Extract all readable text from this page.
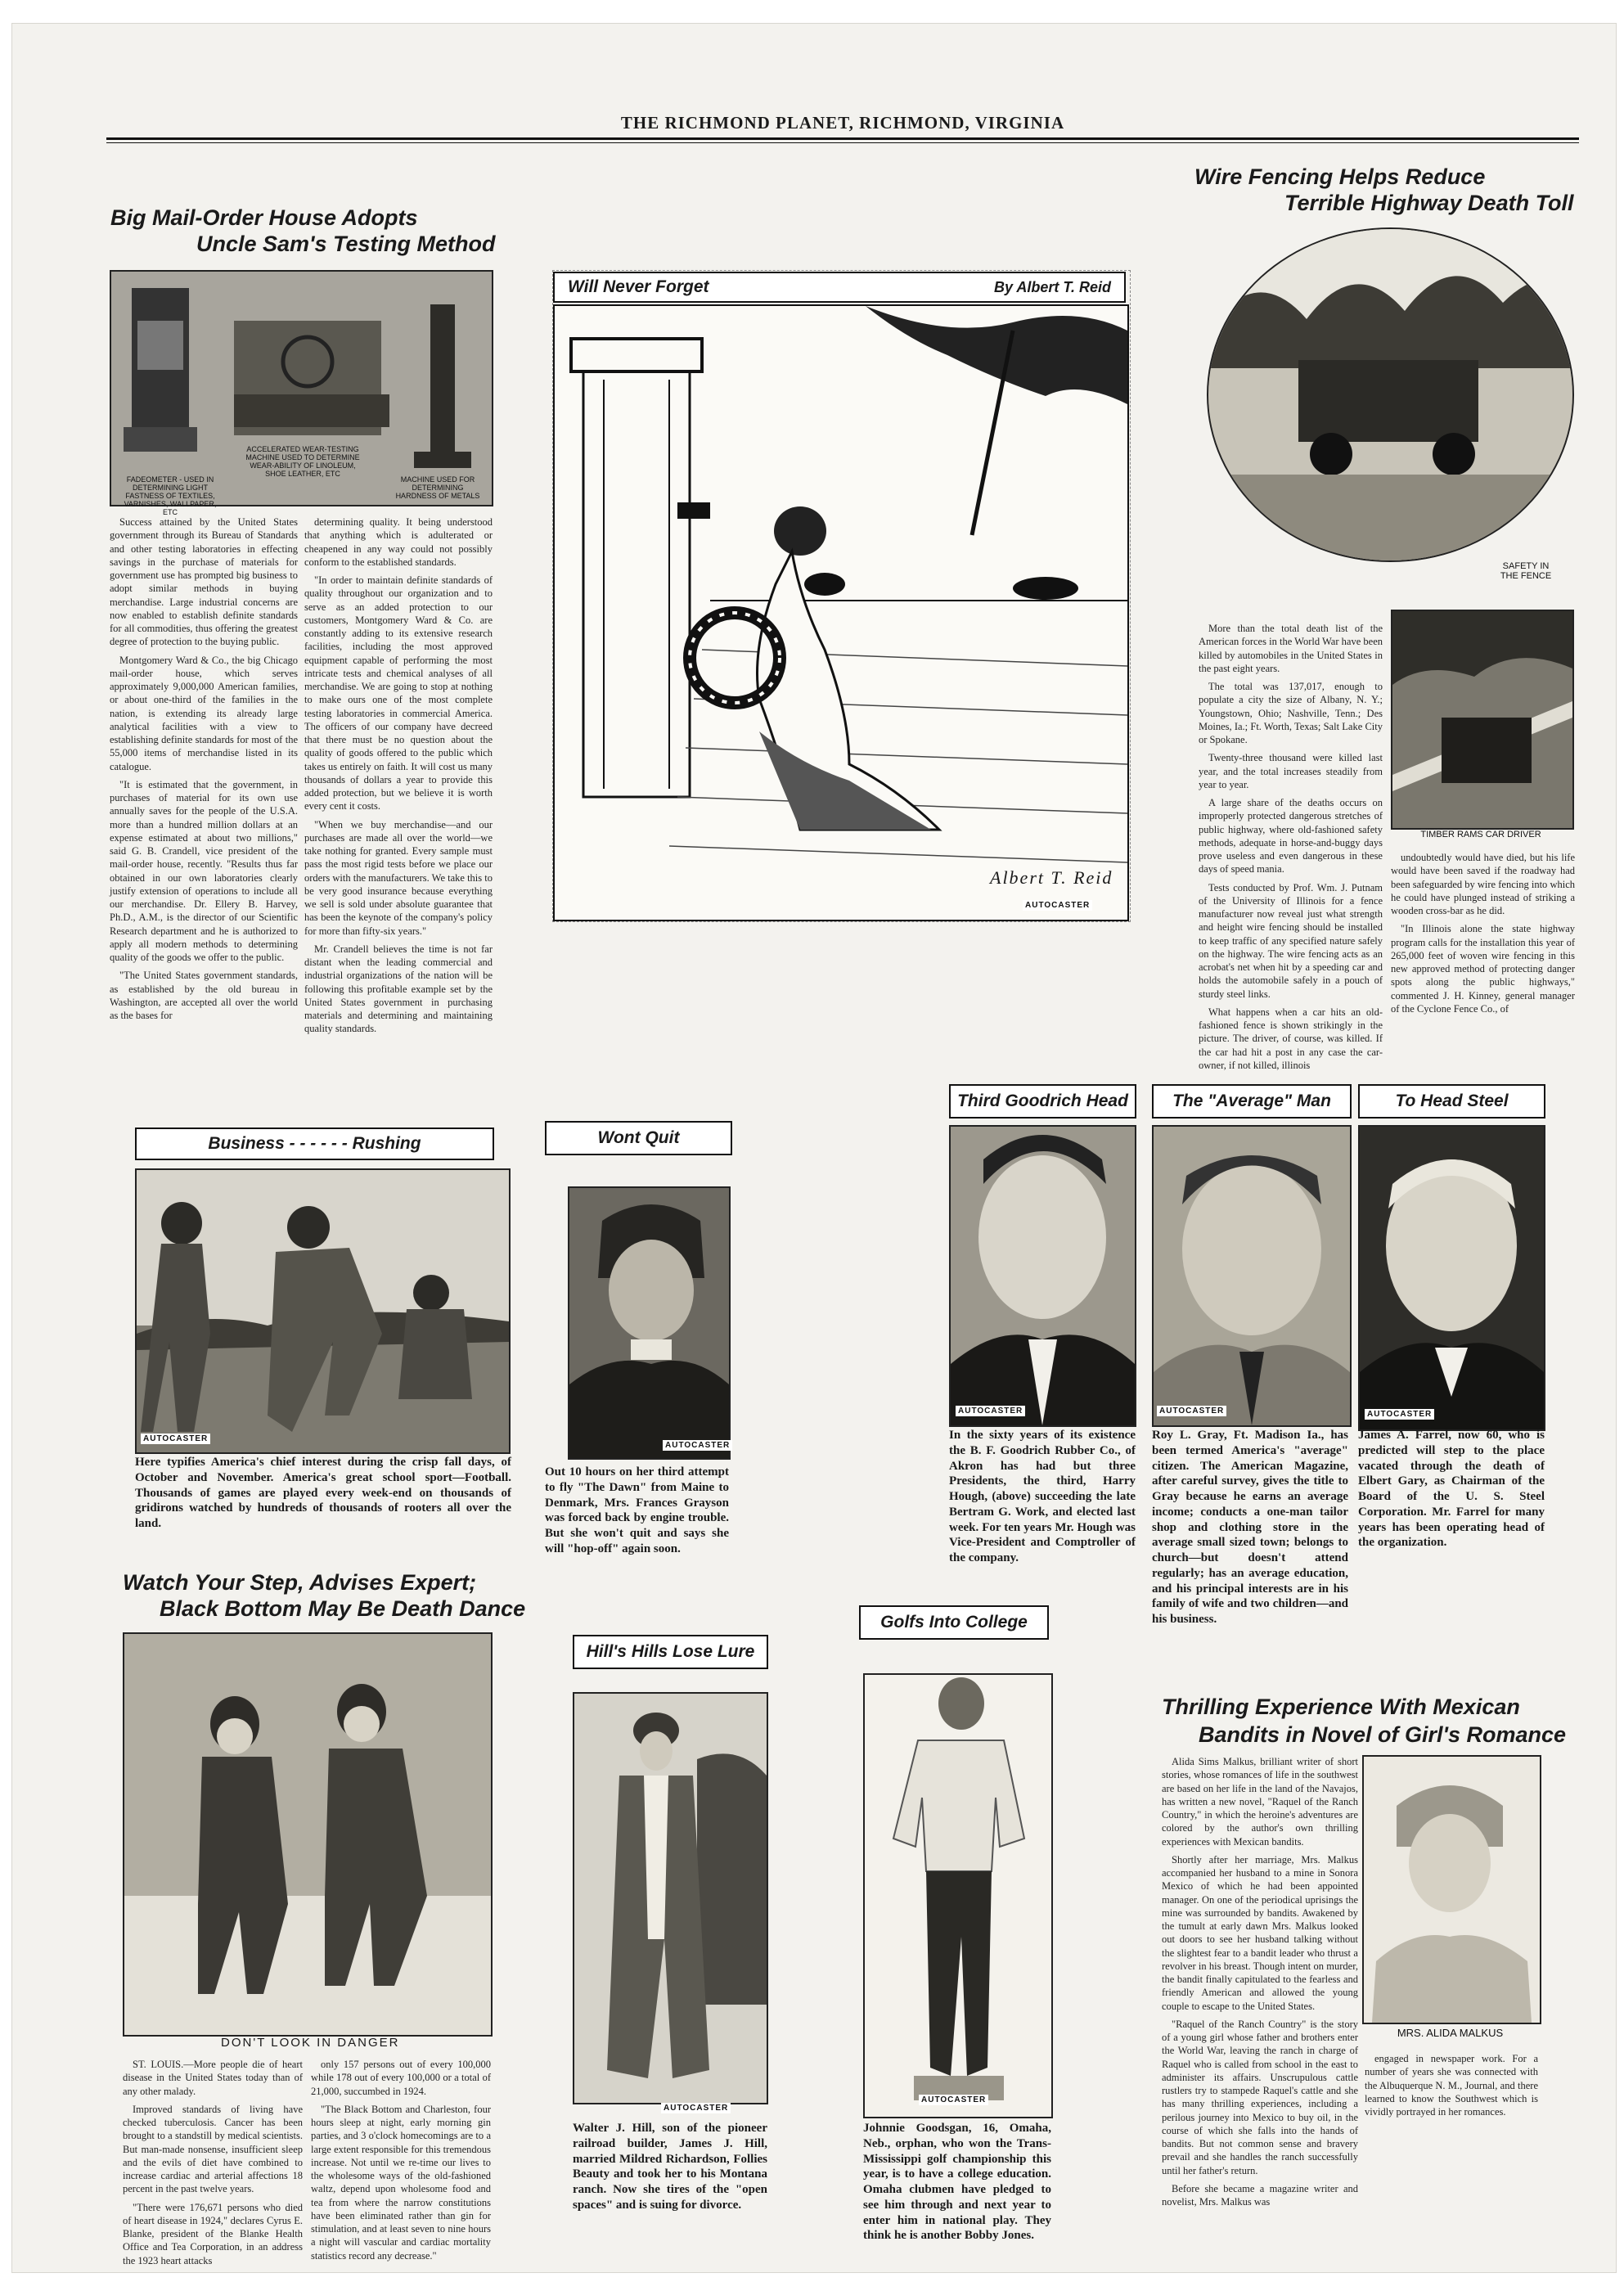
THE RICHMOND PLANET, RICHMOND, VIRGINIA
Big Mail-Order House Adopts
Uncle Sam's Testing Method
FADEOMETER - USED IN DETERMINING LIGHT FASTNESS OF TEXTILES, VARNISHES, WALLPAPER, ETC
ACCELERATED WEAR-TESTING MACHINE USED TO DETERMINE WEAR-ABILITY OF LINOLEUM, SHOE LEATHER, ETC
MACHINE USED FOR DETERMINING HARDNESS OF METALS

Success attained by the United States government through its Bureau of Standards and other testing laboratories in effecting savings in the purchase of materials for government use has prompted big business to adopt similar methods in buying merchandise. Large industrial concerns are now enabled to establish definite standards for all commodities, thus offering the greatest degree of protection to the buying public.

Montgomery Ward & Co., the big Chicago mail-order house, which serves approximately 9,000,000 American families, or about one-third of the families in the nation, is extending its already large analytical facilities with a view to establishing definite standards for most of the 55,000 items of merchandise listed in its catalogue.

"It is estimated that the government, in purchases of material for its own use annually saves for the people of the U.S.A. more than a hundred million dollars at an expense estimated at about two millions," said G. B. Crandell, vice president of the mail-order house, recently. "Results thus far obtained in our own laboratories clearly justify extension of operations to include all our merchandise. Dr. Ellery B. Harvey, Ph.D., A.M., is the director of our Scientific Research department and he is authorized to apply all modern methods to determining quality of the goods we offer to the public.

"The United States government standards, as established by the old bureau in Washington, are accepted all over the world as the bases for

determining quality. It being understood that anything which is adulterated or cheapened in any way could not possibly conform to the established standards.

"In order to maintain definite standards of quality throughout our organization and to serve as an added protection to our customers, Montgomery Ward & Co. are constantly adding to its extensive research facilities, including the most approved equipment capable of performing the most intricate tests and chemical analyses of all merchandise. We are going to stop at nothing to make ours one of the most complete testing laboratories in commercial America. The officers of our company have decreed that there must be no question about the quality of goods offered to the public which takes us entirely on faith. It will cost us many thousands of dollars a year to provide this added protection, but we believe it is worth every cent it costs.

"When we buy merchandise—and our purchases are made all over the world—we take nothing for granted. Every sample must pass the most rigid tests before we place our orders with the manufacturers. We take this to be very good insurance because everything we sell is sold under absolute guarantee that has been the keynote of the company's policy for more than fifty-six years."

Mr. Crandell believes the time is not far distant when the leading commercial and industrial organizations of the nation will be following this profitable example set by the United States government in purchasing materials and determining and maintaining quality standards.

Will Never Forget	By Albert T. Reid
Albert T. Reid
AUTOCASTER
Wire Fencing Helps Reduce
Terrible Highway Death Toll
SAFETY IN THE FENCE
TIMBER RAMS CAR DRIVER

More than the total death list of the American forces in the World War have been killed by automobiles in the United States in the past eight years.

The total was 137,017, enough to populate a city the size of Albany, N. Y.; Youngstown, Ohio; Nashville, Tenn.; Des Moines, Ia.; Ft. Worth, Texas; Salt Lake City or Spokane.

Twenty-three thousand were killed last year, and the total increases steadily from year to year.

A large share of the deaths occurs on improperly protected dangerous stretches of public highway, where old-fashioned safety methods, adequate in horse-and-buggy days prove useless and even dangerous in these days of speed mania.

Tests conducted by Prof. Wm. J. Putnam of the University of Illinois for a fence manufacturer now reveal just what strength and height wire fencing should be installed to keep traffic of any specified nature safely on the highway. The wire fencing acts as an acrobat's net when hit by a speeding car and holds the automobile safely in a pouch of sturdy steel links.

What happens when a car hits an old-fashioned fence is shown strikingly in the picture. The driver, of course, was killed. If the car had hit a post in any case the car-owner, if not killed, illinois

undoubtedly would have died, but his life would have been saved if the roadway had been safeguarded by wire fencing into which he could have plunged instead of striking a wooden cross-bar as he did.

"In Illinois alone the state highway program calls for the installation this year of 265,000 feet of woven wire fencing in this new approved method of protecting danger spots along the public highways," commented J. H. Kinney, general manager of the Cyclone Fence Co., of

Third Goodrich Head
AUTOCASTER
In the sixty years of its existence the B. F. Goodrich Rubber Co., of Akron has had but three Presidents, the third, Harry Hough, (above) succeeding the late Bertram G. Work, and elected last week. For ten years Mr. Hough was Vice-President and Comptroller of the company.
The "Average" Man
AUTOCASTER
Roy L. Gray, Ft. Madison Ia., has been termed America's "average" citizen. The American Magazine, after careful survey, gives the title to Gray because he earns an average income; conducts a one-man tailor shop and clothing store in the average small sized town; belongs to church—but doesn't attend regularly; has an average education, and his principal interests are in his family of wife and two children—and his business.
To Head Steel
AUTOCASTER
James A. Farrel, now 60, who is predicted will step to the place vacated through the death of Elbert Gary, as Chairman of the Board of the U. S. Steel Corporation. Mr. Farrel for many years has been operating head of the organization.
Business - - - - - - Rushing
AUTOCASTER
Here typifies America's chief interest during the crisp fall days, of October and November. America's great school sport—Football. Thousands of games are played every week-end on thousands of gridirons watched by hundreds of thousands of rooters all over the land.
Wont Quit
AUTOCASTER
Out 10 hours on her third attempt to fly "The Dawn" from Maine to Denmark, Mrs. Frances Grayson was forced back by engine trouble. But she won't quit and says she will "hop-off" again soon.
Watch Your Step, Advises Expert;
Black Bottom May Be Death Dance
DON'T LOOK IN DANGER

ST. LOUIS.—More people die of heart disease in the United States today than of any other malady.

Improved standards of living have checked tuberculosis. Cancer has been brought to a standstill by medical scientists. But man-made nonsense, insufficient sleep and the evils of diet have combined to increase cardiac and arterial affections 18 percent in the past twelve years.

"There were 176,671 persons who died of heart disease in 1924," declares Cyrus E. Blanke, president of the Blanke Health Office and Tea Corporation, in an address the 1923 heart attacks

only 157 persons out of every 100,000 while 178 out of every 100,000 or a total of 21,000, succumbed in 1924.

"The Black Bottom and Charleston, four hours sleep at night, early morning gin parties, and 3 o'clock homecomings are to a large extent responsible for this tremendous increase. Not until we re-time our lives to the wholesome ways of the old-fashioned waltz, depend upon wholesome food and tea from where the narrow constitutions have been eliminated rather than gin for stimulation, and at least seven to nine hours a night will vascular and cardiac mortality statistics record any decrease."

Hill's Hills Lose Lure
AUTOCASTER
Walter J. Hill, son of the pioneer railroad builder, James J. Hill, married Mildred Richardson, Follies Beauty and took her to his Montana ranch. Now she tires of the "open spaces" and is suing for divorce.
Golfs Into College
AUTOCASTER
Johnnie Goodsgan, 16, Omaha, Neb., orphan, who won the Trans-Mississippi golf championship this year, is to have a college education. Omaha clubmen have pledged to see him through and next year to enter him in national play. They think he is another Bobby Jones.
Thrilling Experience With Mexican
Bandits in Novel of Girl's Romance

Alida Sims Malkus, brilliant writer of short stories, whose romances of life in the southwest are based on her life in the land of the Navajos, has written a new novel, "Raquel of the Ranch Country," in which the heroine's adventures are colored by the author's own thrilling experiences with Mexican bandits.

Shortly after her marriage, Mrs. Malkus accompanied her husband to a mine in Sonora Mexico of which he had been appointed manager. On one of the periodical uprisings the mine was surrounded by bandits. Awakened by the tumult at early dawn Mrs. Malkus looked out doors to see her husband talking without the slightest fear to a bandit leader who thrust a revolver in his breast. Though intent on murder, the bandit finally capitulated to the fearless and friendly American and allowed the young couple to escape to the United States.

"Raquel of the Ranch Country" is the story of a young girl whose father and brothers enter the World War, leaving the ranch in charge of Raquel who is called from school in the east to administer its affairs. Unscrupulous cattle rustlers try to stampede Raquel's cattle and she has many thrilling experiences, including a perilous journey into Mexico to buy oil, in the course of which she falls into the hands of bandits. But not common sense and bravery prevail and she handles the ranch successfully until her father's return.

Before she became a magazine writer and novelist, Mrs. Malkus was

MRS. ALIDA MALKUS

engaged in newspaper work. For a number of years she was connected with the Albuquerque N. M., Journal, and there learned to know the Southwest which is vividly portrayed in her romances.
